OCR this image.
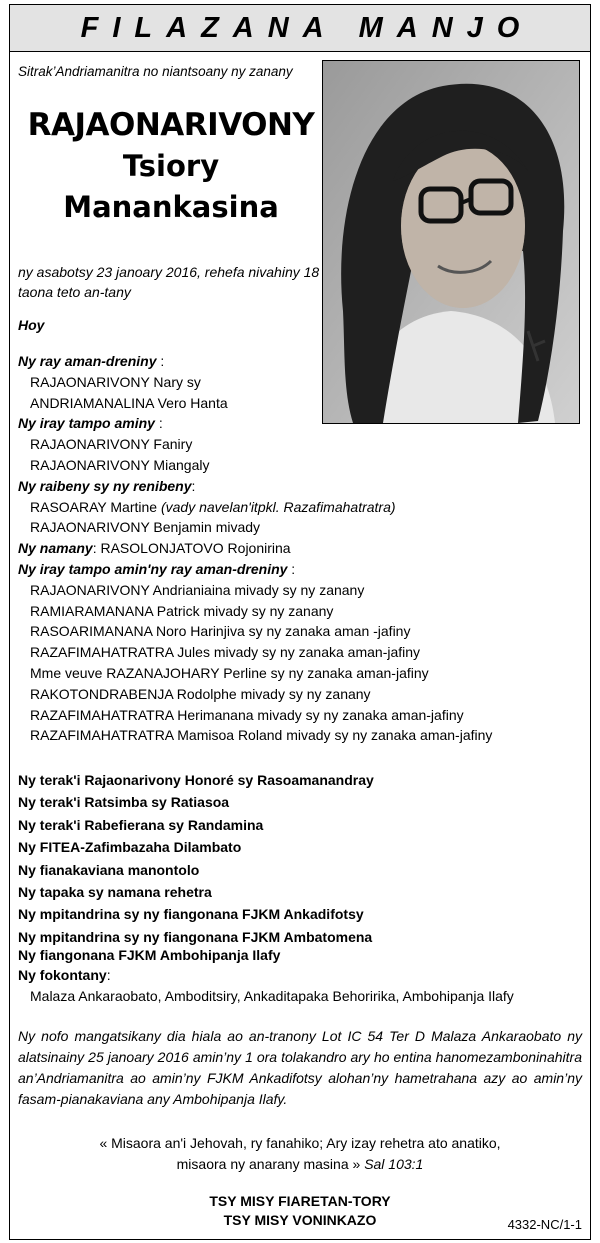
FILAZANA MANJO
Sitrak’Andriamanitra no niantsoany ny zanany
RAJAONARIVONY
Tsiory
Manankasina
ny asabotsy 23 janoary 2016, rehefa nivahiny 18 taona teto an-tany
Hoy
Ny ray aman-dreniny :
RAJAONARIVONY Nary sy
ANDRIAMANALINA Vero Hanta
Ny iray tampo aminy :
RAJAONARIVONY Faniry
RAJAONARIVONY Miangaly
Ny raibeny sy ny renibeny:
RASOARAY Martine (vady navelan'itpkl. Razafimahatratra)
RAJAONARIVONY Benjamin mivady
Ny namany: RASOLONJATOVO Rojonirina
Ny iray tampo amin'ny ray aman-dreniny :
RAJAONARIVONY Andrianiaina mivady sy ny zanany
RAMIARAMANANA Patrick mivady sy ny zanany
RASOARIMANANA Noro Harinjiva sy ny zanaka aman -jafiny
RAZAFIMAHATRATRA Jules mivady sy ny zanaka aman-jafiny
Mme veuve RAZANAJOHARY Perline sy ny zanaka aman-jafiny
RAKOTONDRABENJA Rodolphe mivady sy ny zanany
RAZAFIMAHATRATRA Herimanana mivady sy ny zanaka aman-jafiny
RAZAFIMAHATRATRA Mamisoa Roland mivady sy ny zanaka aman-jafiny
Ny terak'i Rajaonarivony Honoré sy Rasoamanandray
Ny terak'i Ratsimba sy Ratiasoa
Ny terak'i Rabefierana sy Randamina
Ny FITEA-Zafimbazaha Dilambato
Ny fianakaviana manontolo
Ny tapaka sy namana rehetra
Ny mpitandrina sy ny fiangonana FJKM Ankadifotsy
Ny mpitandrina sy ny fiangonana FJKM Ambatomena
Ny fiangonana FJKM Ambohipanja Ilafy
Ny fokontany:
Malaza Ankaraobato, Amboditsiry, Ankaditapaka Behoririka, Ambohipanja Ilafy
Ny nofo mangatsikany dia hiala ao an-tranony Lot IC 54 Ter D Malaza Ankaraobato ny alatsinainy 25 janoary 2016 amin’ny 1 ora tolakandro ary ho entina hanomezamboninahitra an’Andriamanitra ao amin’ny FJKM Ankadifotsy alohan’ny hametrahana azy ao amin’ny fasam-pianakaviana any Ambohipanja Ilafy.
« Misaora an'i Jehovah, ry fanahiko; Ary izay rehetra ato anatiko,
misaora ny anarany masina » Sal 103:1
TSY MISY FIARETAN-TORY
TSY MISY VONINKAZO	4332-NC/1-1
